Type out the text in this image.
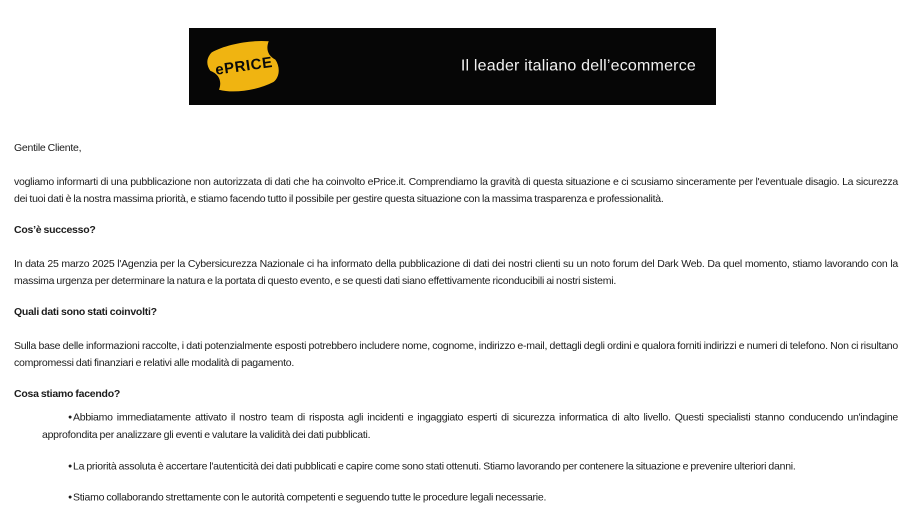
ePRICE	Il leader italiano dell’ecommerce

Gentile Cliente,

vogliamo informarti di una pubblicazione non autorizzata di dati che ha coinvolto ePrice.it. Comprendiamo la gravità di questa situazione e ci scusiamo sinceramente per l'eventuale disagio. La sicurezza dei tuoi dati è la nostra massima priorità, e stiamo facendo tutto il possibile per gestire questa situazione con la massima trasparenza e professionalità.

Cos’è successo?

In data 25 marzo 2025 l'Agenzia per la Cybersicurezza Nazionale ci ha informato della pubblicazione di dati dei nostri clienti su un noto forum del Dark Web. Da quel momento, stiamo lavorando con la massima urgenza per determinare la natura e la portata di questo evento, e se questi dati siano effettivamente riconducibili ai nostri sistemi.

Quali dati sono stati coinvolti?

Sulla base delle informazioni raccolte, i dati potenzialmente esposti potrebbero includere nome, cognome, indirizzo e-mail, dettagli degli ordini e qualora forniti indirizzi e numeri di telefono. Non ci risultano compromessi dati finanziari e relativi alle modalità di pagamento.

Cosa stiamo facendo?
●Abbiamo immediatamente attivato il nostro team di risposta agli incidenti e ingaggiato esperti di sicurezza informatica di alto livello. Questi specialisti stanno conducendo un'indagine approfondita per analizzare gli eventi e valutare la validità dei dati pubblicati.
●La priorità assoluta è accertare l'autenticità dei dati pubblicati e capire come sono stati ottenuti. Stiamo lavorando per contenere la situazione e prevenire ulteriori danni.
●Stiamo collaborando strettamente con le autorità competenti e seguendo tutte le procedure legali necessarie.
